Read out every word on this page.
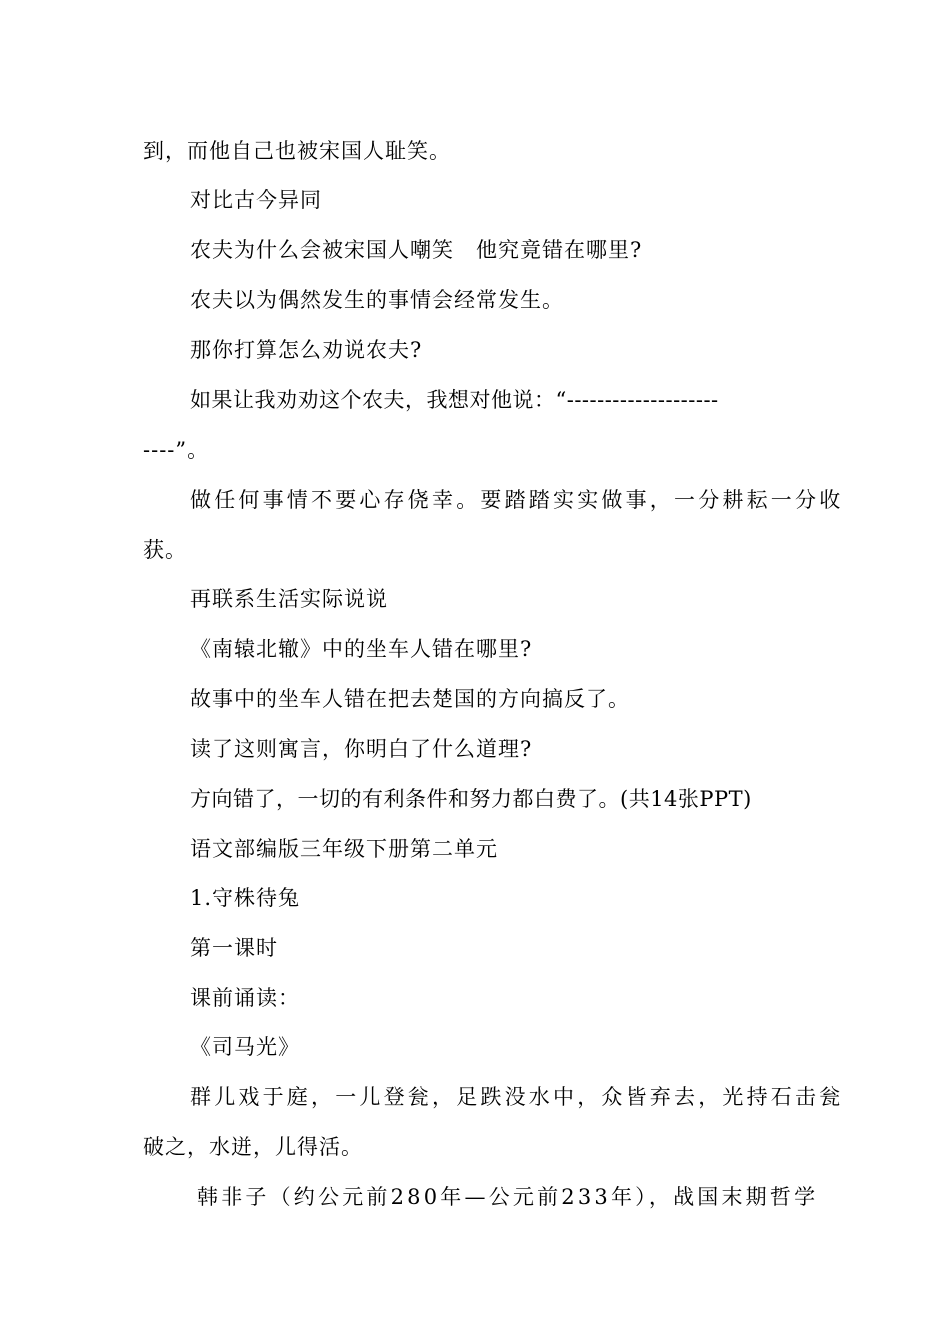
到，而他自己也被宋国人耻笑。
对比古今异同
农夫为什么会被宋国人嘲笑　他究竟错在哪里?
农夫以为偶然发生的事情会经常发生。
那你打算怎么劝说农夫?
如果让我劝劝这个农夫，我想对他说：“--------------------
----”。
做任何事情不要心存侥幸。要踏踏实实做事，一分耕耘一分收
获。
再联系生活实际说说
《南辕北辙》中的坐车人错在哪里?
故事中的坐车人错在把去楚国的方向搞反了。
读了这则寓言，你明白了什么道理?
方向错了，一切的有利条件和努力都白费了。(共14张PPT)
语文部编版三年级下册第二单元
1.守株待兔
第一课时
课前诵读：
《司马光》
群儿戏于庭，一儿登瓮，足跌没水中，众皆弃去，光持石击瓮
破之，水迸，儿得活。
韩非子（约公元前280年—公元前233年），战国末期哲学
